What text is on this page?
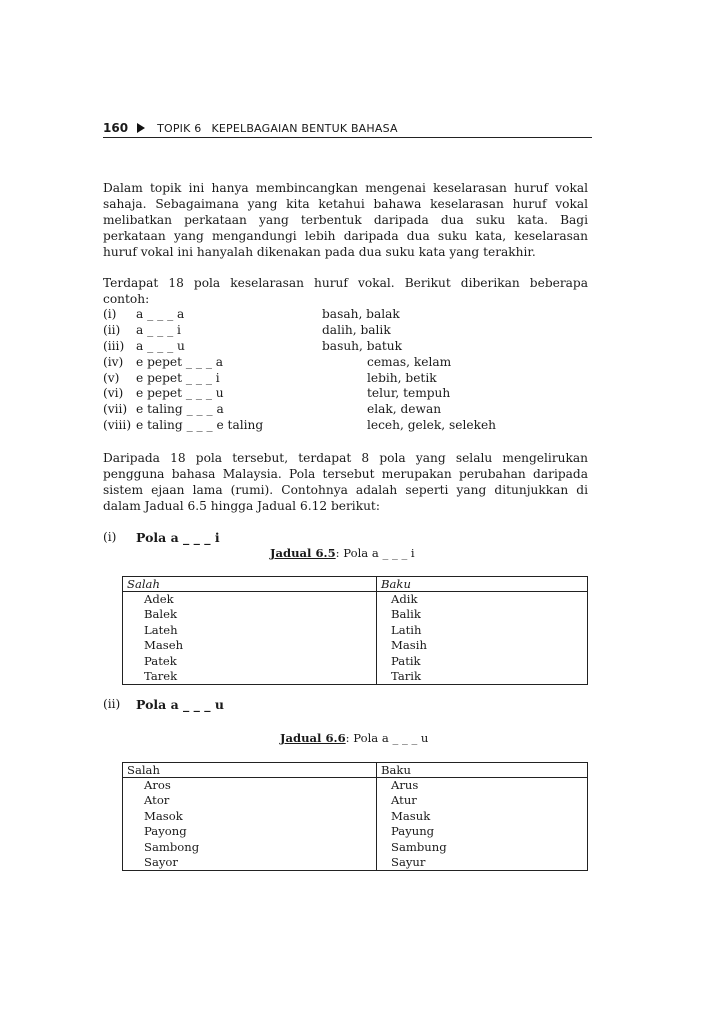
160	TOPIK 6 KEPELBAGAIAN BENTUK BAHASA

Dalam topik ini hanya membincangkan mengenai keselarasan huruf vokal sahaja. Sebagaimana yang kita ketahui bahawa keselarasan huruf vokal melibatkan perkataan yang terbentuk daripada dua suku kata. Bagi perkataan yang mengandungi lebih daripada dua suku kata, keselarasan huruf vokal ini hanyalah dikenakan pada dua suku kata yang terakhir.

Terdapat 18 pola keselarasan huruf vokal. Berikut diberikan beberapa contoh:

(i) a _ _ _ a	basah, balak
(ii) a _ _ _ i	dalih, balik
(iii) a _ _ _ u	basuh, batuk
(iv) e pepet _ _ _ a	cemas, kelam
(v) e pepet _ _ _ i	lebih, betik
(vi) e pepet _ _ _ u	telur, tempuh
(vii) e taling _ _ _ a	elak, dewan
(viii) e taling _ _ _ e taling	leceh, gelek, selekeh

Daripada 18 pola tersebut, terdapat 8 pola yang selalu mengelirukan pengguna bahasa Malaysia. Pola tersebut merupakan perubahan daripada sistem ejaan lama (rumi). Contohnya adalah seperti yang ditunjukkan di dalam Jadual 6.5 hingga Jadual 6.12 berikut:

(i) Pola a _ _ _ i
Jadual 6.5: Pola a _ _ _ i
Salah	Baku
Adek	Adik
Balek	Balik
Lateh	Latih
Maseh	Masih
Patek	Patik
Tarek	Tarik
(ii) Pola a _ _ _ u
Jadual 6.6: Pola a _ _ _ u
Salah	Baku
Aros	Arus
Ator	Atur
Masok	Masuk
Payong	Payung
Sambong	Sambung
Sayor	Sayur
